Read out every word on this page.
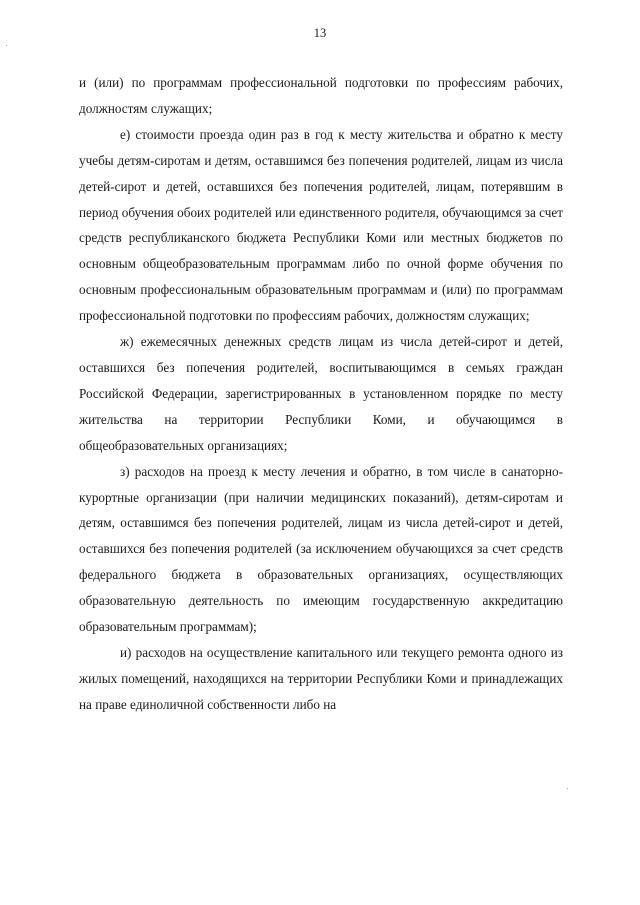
13

и (или) по программам профессиональной подготовки по профессиям рабочих, должностям служащих;

е) стоимости проезда один раз в год к месту жительства и обратно к месту учебы детям-сиротам и детям, оставшимся без попечения родителей, лицам из числа детей-сирот и детей, оставшихся без попечения родителей, лицам, потерявшим в период обучения обоих родителей или единственного родителя, обучающимся за счет средств республиканского бюджета Республики Коми или местных бюджетов по основным общеобразовательным программам либо по очной форме обучения по основным профессиональным образовательным программам и (или) по программам профессиональной подготовки по профессиям рабочих, должностям служащих;

ж) ежемесячных денежных средств лицам из числа детей-сирот и детей, оставшихся без попечения родителей, воспитывающимся в семьях граждан Российской Федерации, зарегистрированных в установленном порядке по месту жительства на территории Республики Коми, и обучающимся в общеобразовательных организациях;

з) расходов на проезд к месту лечения и обратно, в том числе в санаторно-курортные организации (при наличии медицинских показаний), детям-сиротам и детям, оставшимся без попечения родителей, лицам из числа детей-сирот и детей, оставшихся без попечения родителей (за исключением обучающихся за счет средств федерального бюджета в образовательных организациях, осуществляющих образовательную деятельность по имеющим государственную аккредитацию образовательным программам);

и) расходов на осуществление капитального или текущего ремонта одного из жилых помещений, находящихся на территории Республики Коми и принадлежащих на праве единоличной собственности либо на
